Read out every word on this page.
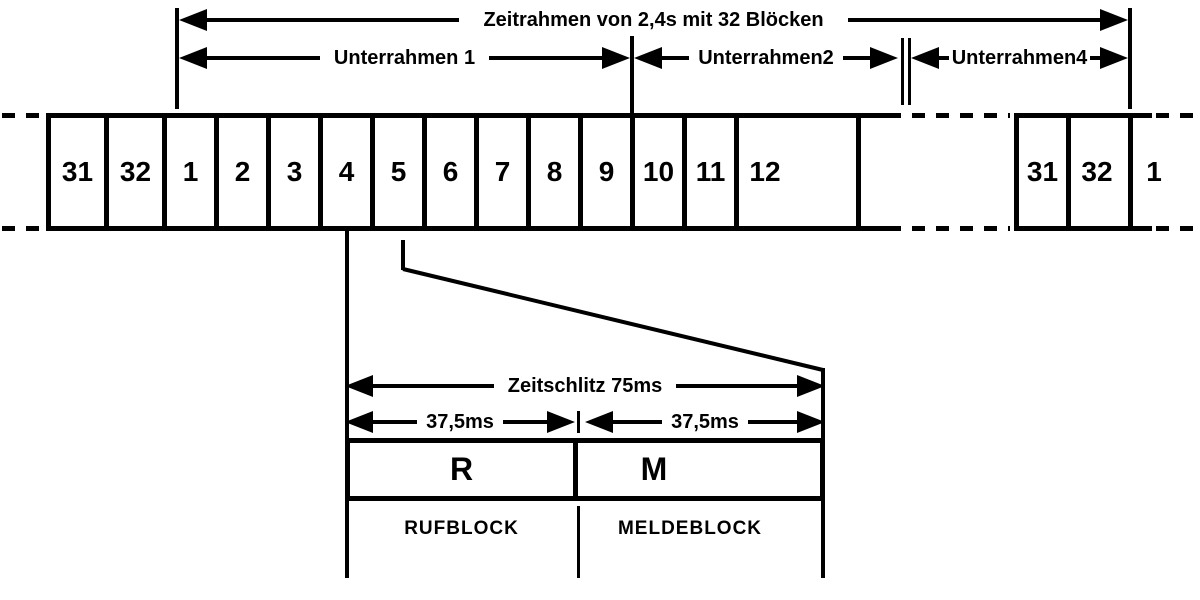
Zeitrahmen von 2,4s mit 32 Blöcken
Unterrahmen 1	Unterrahmen2	Unterrahmen4
31 32 1 2 3 4 5 6 7 8 9 10 11 12	31 32 1
Zeitschlitz 75ms
37,5ms	37,5ms
R	M
RUFBLOCK	MELDEBLOCK
